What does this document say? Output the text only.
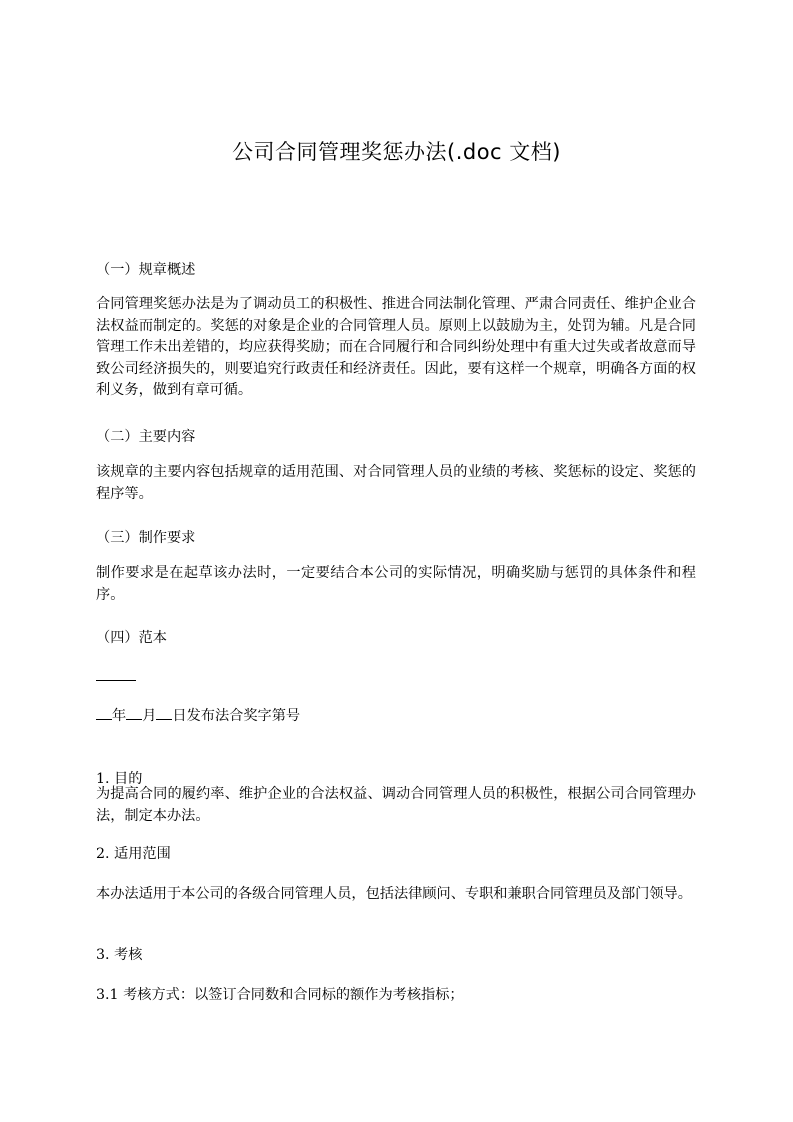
公司合同管理奖惩办法(.doc 文档)

（一）规章概述

合同管理奖惩办法是为了调动员工的积极性、推进合同法制化管理、严肃合同责任、维护企业合法权益而制定的。奖惩的对象是企业的合同管理人员。原则上以鼓励为主，处罚为辅。凡是合同管理工作未出差错的，均应获得奖励；而在合同履行和合同纠纷处理中有重大过失或者故意而导致公司经济损失的，则要追究行政责任和经济责任。因此，要有这样一个规章，明确各方面的权利义务，做到有章可循。

（二）主要内容

该规章的主要内容包括规章的适用范围、对合同管理人员的业绩的考核、奖惩标的设定、奖惩的程序等。

（三）制作要求

制作要求是在起草该办法时，一定要结合本公司的实际情况，明确奖励与惩罚的具体条件和程序。

（四）范本

年 月 日发布法合奖字第号

1. 目的

为提高合同的履约率、维护企业的合法权益、调动合同管理人员的积极性，根据公司合同管理办法，制定本办法。

2. 适用范围

本办法适用于本公司的各级合同管理人员，包括法律顾问、专职和兼职合同管理员及部门领导。

3. 考核

3.1 考核方式：以签订合同数和合同标的额作为考核指标；
